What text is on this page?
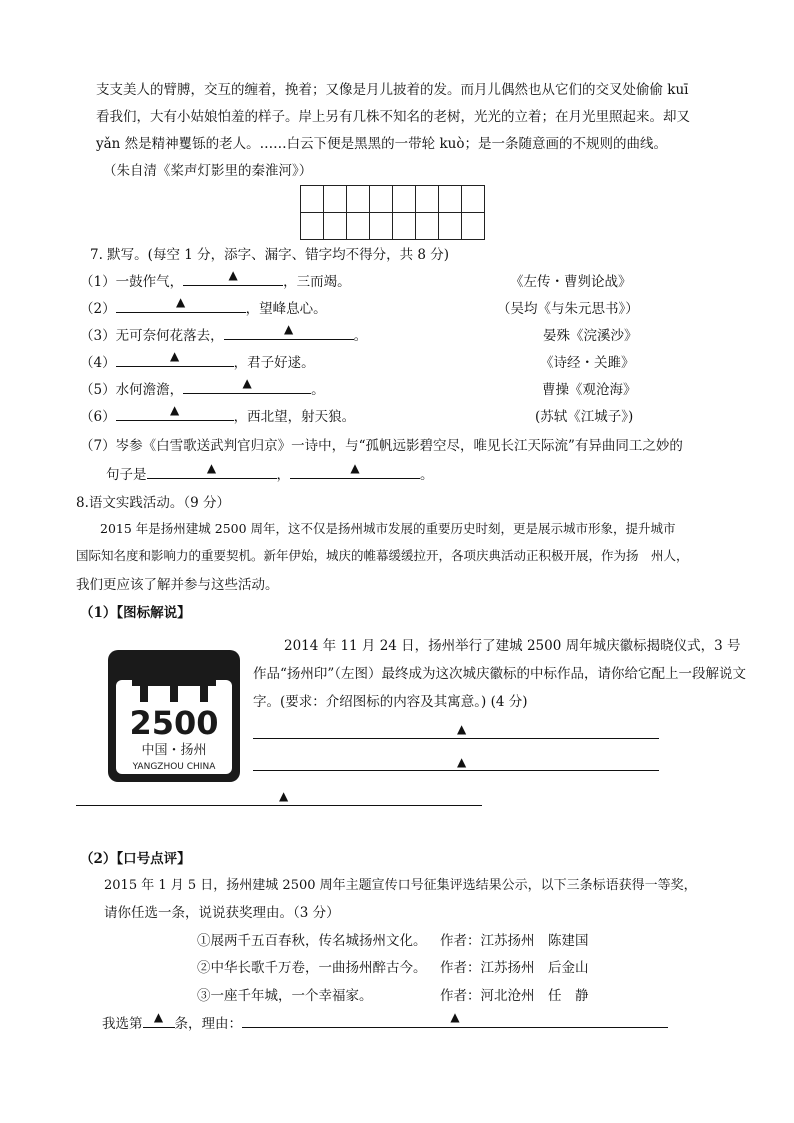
支支美人的臂膊，交互的缠着，挽着；又像是月儿披着的发。而月儿偶然也从它们的交叉处偷偷 kuī
看我们，大有小姑娘怕羞的样子。岸上另有几株不知名的老树，光光的立着；在月光里照起来。却又
yǎn 然是精神矍铄的老人。……白云下便是黑黑的一带轮 kuò；是一条随意画的不规则的曲线。
（朱自清《桨声灯影里的秦淮河》）

7. 默写。(每空 1 分，添字、漏字、错字均不得分，共 8 分)
（1）一鼓作气，	▲	，三而竭。	《左传・曹刿论战》
（2）	▲	，望峰息心。	（吴均《与朱元思书》）
（3）无可奈何花落去，	▲	。	晏殊《浣溪沙》
（4）	▲	，君子好逑。	《诗经・关雎》
（5）水何澹澹，	▲	。	曹操《观沧海》
（6）	▲	，西北望，射天狼。	(苏轼《江城子》)
（7）岑参《白雪歌送武判官归京》一诗中，与“孤帆远影碧空尽，唯见长江天际流”有异曲同工之妙的
句子是	▲	，	▲	。
8.语文实践活动。（9 分）
2015 年是扬州建城 2500 周年，这不仅是扬州城市发展的重要历史时刻，更是展示城市形象，提升城市
国际知名度和影响力的重要契机。新年伊始，城庆的帷幕缓缓拉开，各项庆典活动正积极开展，作为扬　州人，
我们更应该了解并参与这些活动。
（1）【图标解说】
2500
中国・扬州
YANGZHOU CHINA
2014 年 11 月 24 日，扬州举行了建城 2500 周年城庆徽标揭晓仪式，3 号
作品“扬州印”（左图）最终成为这次城庆徽标的中标作品，请你给它配上一段解说文
字。(要求：介绍图标的内容及其寓意。) (4 分)
▲
▲
▲
（2）【口号点评】
2015 年 1 月 5 日，扬州建城 2500 周年主题宣传口号征集评选结果公示，以下三条标语获得一等奖，
请你任选一条，说说获奖理由。（3 分）
①展两千五百春秋，传名城扬州文化。 作者：江苏扬州　陈建国
②中华长歌千万卷，一曲扬州醉古今。 作者：江苏扬州　后金山
③一座千年城，一个幸福家。	作者：河北沧州　任　静
我选第 ▲ 条，理由：	▲
